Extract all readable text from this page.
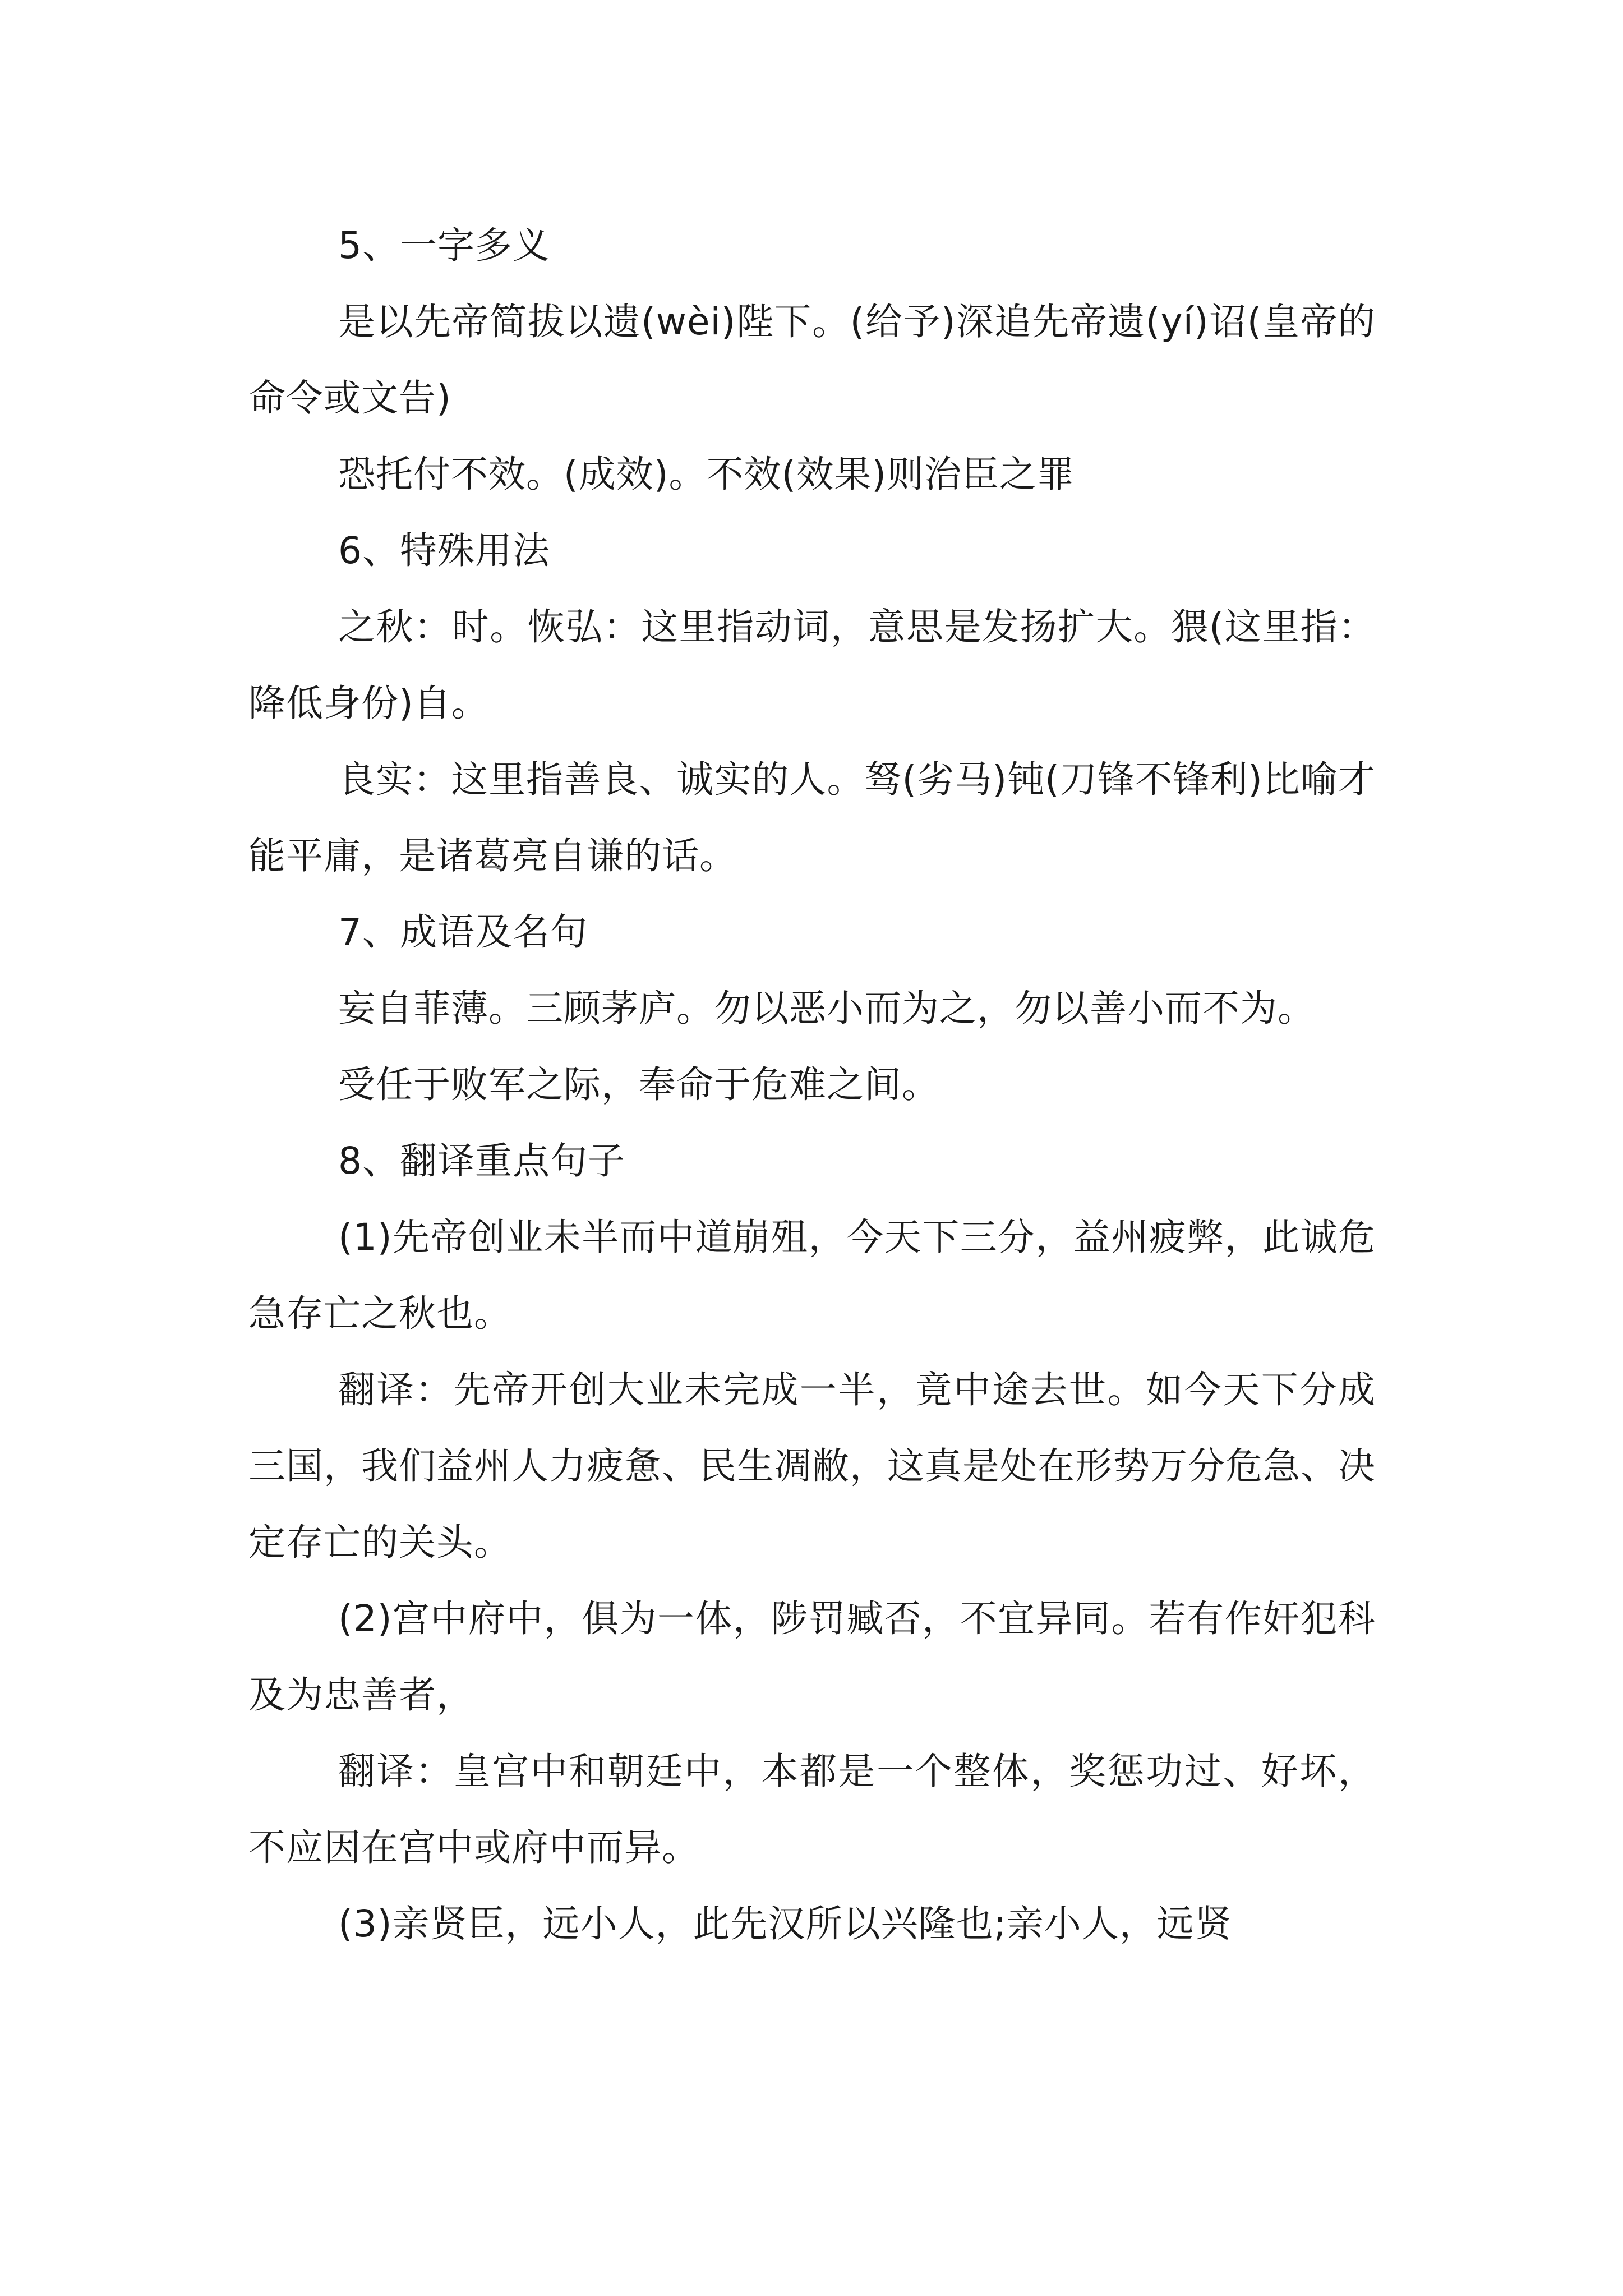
5、一字多义

是以先帝简拔以遗(wèi)陛下。(给予)深追先帝遗(yí)诏(皇帝的命令或文告)

恐托付不效。(成效)。不效(效果)则治臣之罪

6、特殊用法

之秋：时。恢弘：这里指动词，意思是发扬扩大。猥(这里指：降低身份)自。

良实：这里指善良、诚实的人。驽(劣马)钝(刀锋不锋利)比喻才能平庸，是诸葛亮自谦的话。

7、成语及名句

妄自菲薄。三顾茅庐。勿以恶小而为之，勿以善小而不为。

受任于败军之际，奉命于危难之间。

8、翻译重点句子

(1)先帝创业未半而中道崩殂，今天下三分，益州疲弊，此诚危急存亡之秋也。

翻译：先帝开创大业未完成一半，竟中途去世。如今天下分成三国，我们益州人力疲惫、民生凋敝，这真是处在形势万分危急、决定存亡的关头。

(2)宫中府中，俱为一体，陟罚臧否，不宜异同。若有作奸犯科及为忠善者，

翻译：皇宫中和朝廷中，本都是一个整体，奖惩功过、好坏，不应因在宫中或府中而异。

(3)亲贤臣，远小人，此先汉所以兴隆也;亲小人，远贤
